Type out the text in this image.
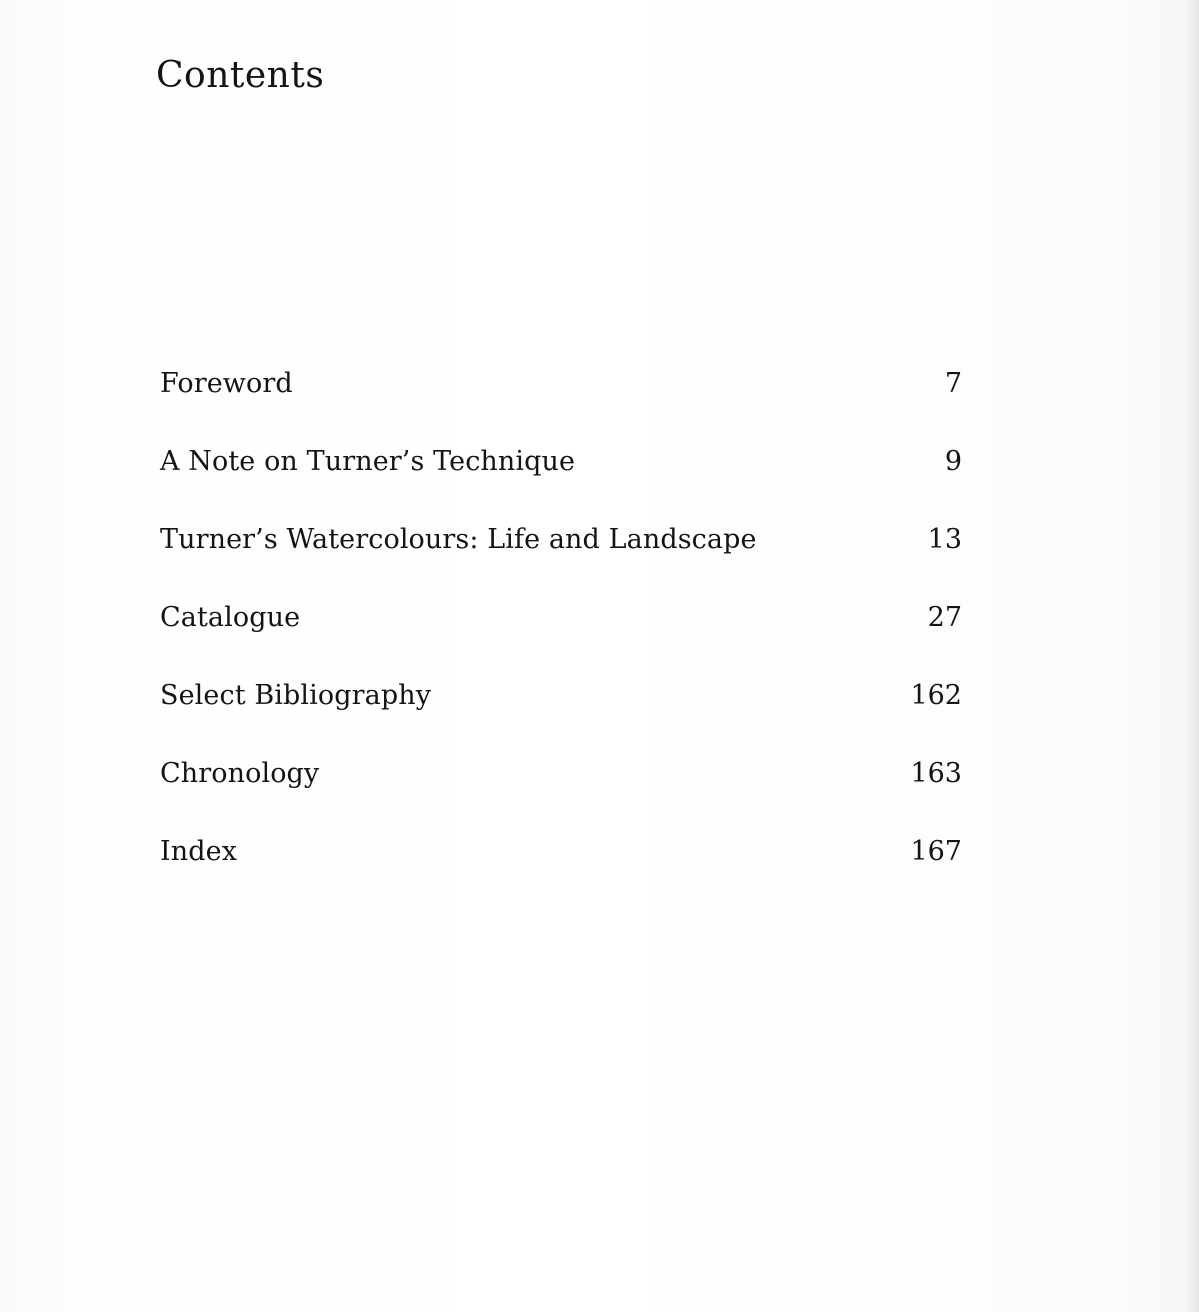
Contents
Foreword	7
A Note on Turner’s Technique	9
Turner’s Watercolours: Life and Landscape	13
Catalogue	27
Select Bibliography	162
Chronology	163
Index	167
